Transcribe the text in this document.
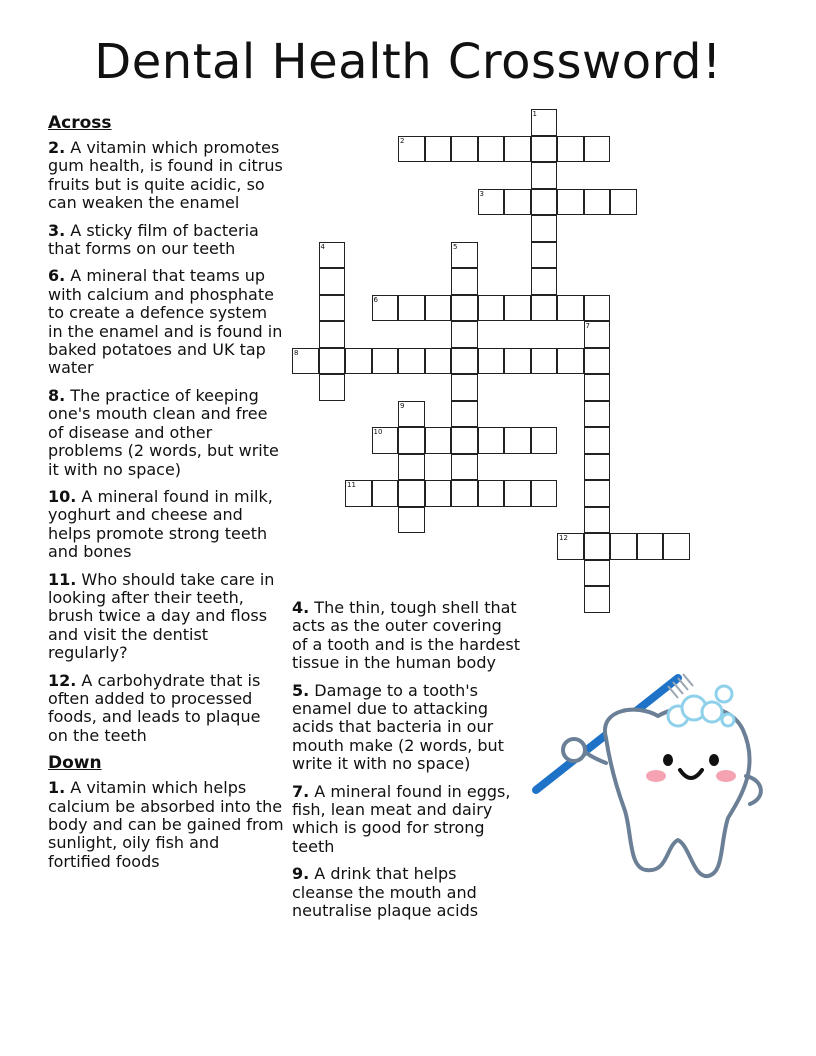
Dental Health Crossword!
Across
2. A vitamin which promotes gum health, is found in citrus fruits but is quite acidic, so can weaken the enamel
3. A sticky film of bacteria that forms on our teeth
6. A mineral that teams up with calcium and phosphate to create a defence system in the enamel and is found in baked potatoes and UK tap water
8. The practice of keeping one's mouth clean and free of disease and other problems (2 words, but write it with no space)
10. A mineral found in milk, yoghurt and cheese and helps promote strong teeth and bones
11. Who should take care in looking after their teeth, brush twice a day and floss and visit the dentist regularly?
12. A carbohydrate that is often added to processed foods, and leads to plaque on the teeth
Down
1. A vitamin which helps calcium be absorbed into the body and can be gained from sunlight, oily fish and fortified foods
4. The thin, tough shell that acts as the outer covering of a tooth and is the hardest tissue in the human body
5. Damage to a tooth's enamel due to attacking acids that bacteria in our mouth make (2 words, but write it with no space)
7. A mineral found in eggs, fish, lean meat and dairy which is good for strong teeth
9. A drink that helps cleanse the mouth and neutralise plaque acids
1
2
3
4	5
6
7
8
9
10
11
12
